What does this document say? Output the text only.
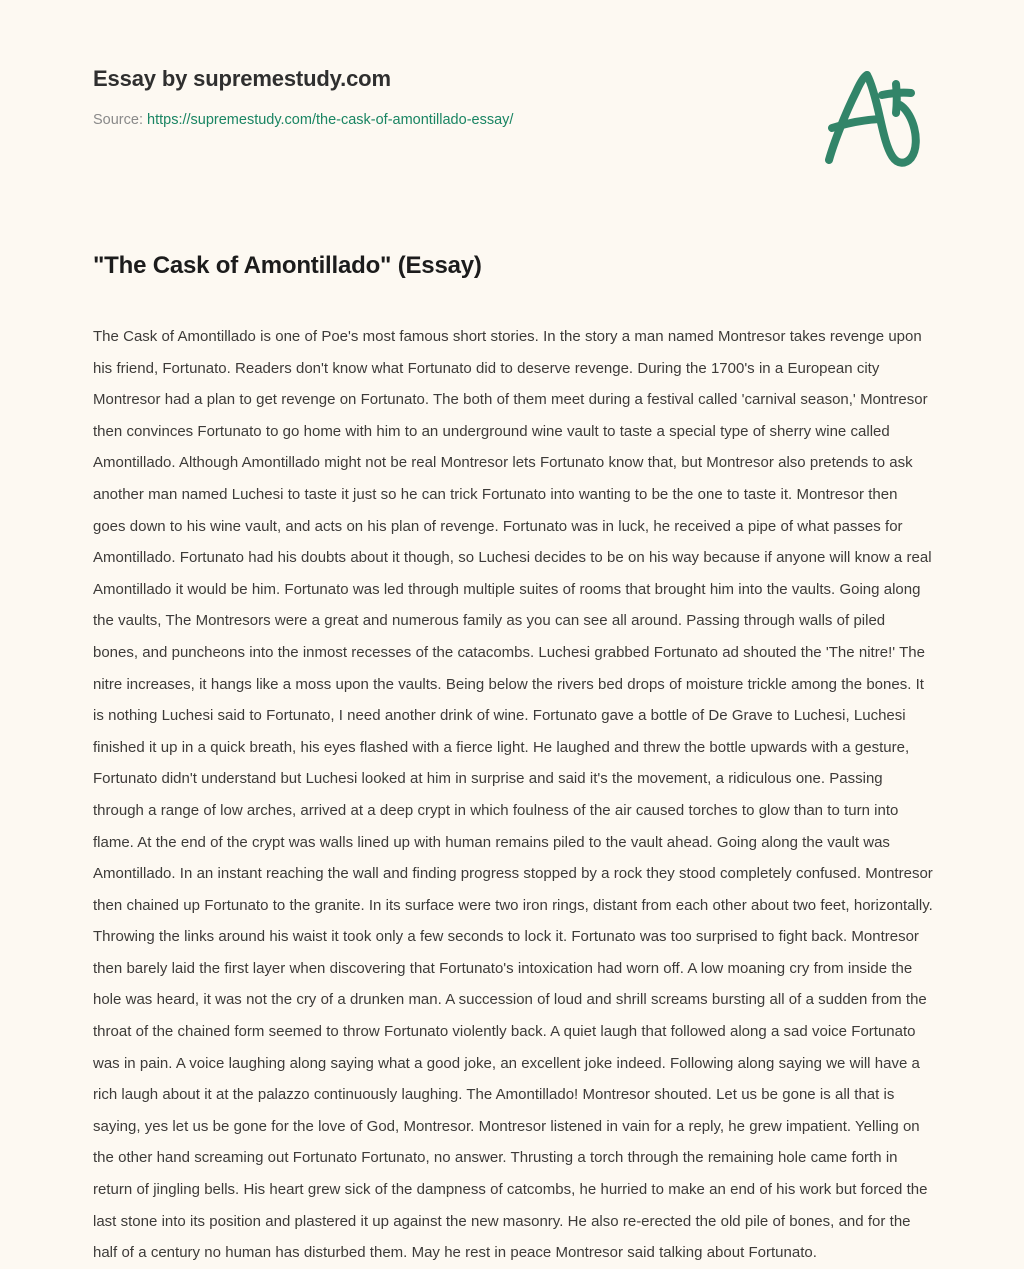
Essay by supremestudy.com
Source: https://supremestudy.com/the-cask-of-amontillado-essay/
"The Cask of Amontillado" (Essay)

The Cask of Amontillado is one of Poe's most famous short stories. In the story a man named Montresor takes revenge upon his friend, Fortunato. Readers don't know what Fortunato did to deserve revenge. During the 1700's in a European city Montresor had a plan to get revenge on Fortunato. The both of them meet during a festival called 'carnival season,' Montresor then convinces Fortunato to go home with him to an underground wine vault to taste a special type of sherry wine called Amontillado. Although Amontillado might not be real Montresor lets Fortunato know that, but Montresor also pretends to ask another man named Luchesi to taste it just so he can trick Fortunato into wanting to be the one to taste it. Montresor then goes down to his wine vault, and acts on his plan of revenge. Fortunato was in luck, he received a pipe of what passes for Amontillado. Fortunato had his doubts about it though, so Luchesi decides to be on his way because if anyone will know a real Amontillado it would be him. Fortunato was led through multiple suites of rooms that brought him into the vaults. Going along the vaults, The Montresors were a great and numerous family as you can see all around. Passing through walls of piled bones, and puncheons into the inmost recesses of the catacombs. Luchesi grabbed Fortunato ad shouted the 'The nitre!' The nitre increases, it hangs like a moss upon the vaults. Being below the rivers bed drops of moisture trickle among the bones. It is nothing Luchesi said to Fortunato, I need another drink of wine. Fortunato gave a bottle of De Grave to Luchesi, Luchesi finished it up in a quick breath, his eyes flashed with a fierce light. He laughed and threw the bottle upwards with a gesture, Fortunato didn't understand but Luchesi looked at him in surprise and said it's the movement, a ridiculous one. Passing through a range of low arches, arrived at a deep crypt in which foulness of the air caused torches to glow than to turn into flame. At the end of the crypt was walls lined up with human remains piled to the vault ahead. Going along the vault was Amontillado. In an instant reaching the wall and finding progress stopped by a rock they stood completely confused. Montresor then chained up Fortunato to the granite. In its surface were two iron rings, distant from each other about two feet, horizontally. Throwing the links around his waist it took only a few seconds to lock it. Fortunato was too surprised to fight back. Montresor then barely laid the first layer when discovering that Fortunato's intoxication had worn off. A low moaning cry from inside the hole was heard, it was not the cry of a drunken man. A succession of loud and shrill screams bursting all of a sudden from the throat of the chained form seemed to throw Fortunato violently back. A quiet laugh that followed along a sad voice Fortunato was in pain. A voice laughing along saying what a good joke, an excellent joke indeed. Following along saying we will have a rich laugh about it at the palazzo continuously laughing. The Amontillado! Montresor shouted. Let us be gone is all that is saying, yes let us be gone for the love of God, Montresor. Montresor listened in vain for a reply, he grew impatient. Yelling on the other hand screaming out Fortunato Fortunato, no answer. Thrusting a torch through the remaining hole came forth in return of jingling bells. His heart grew sick of the dampness of catcombs, he hurried to make an end of his work but forced the last stone into its position and plastered it up against the new masonry. He also re-erected the old pile of bones, and for the half of a century no human has disturbed them. May he rest in peace Montresor said talking about Fortunato.
